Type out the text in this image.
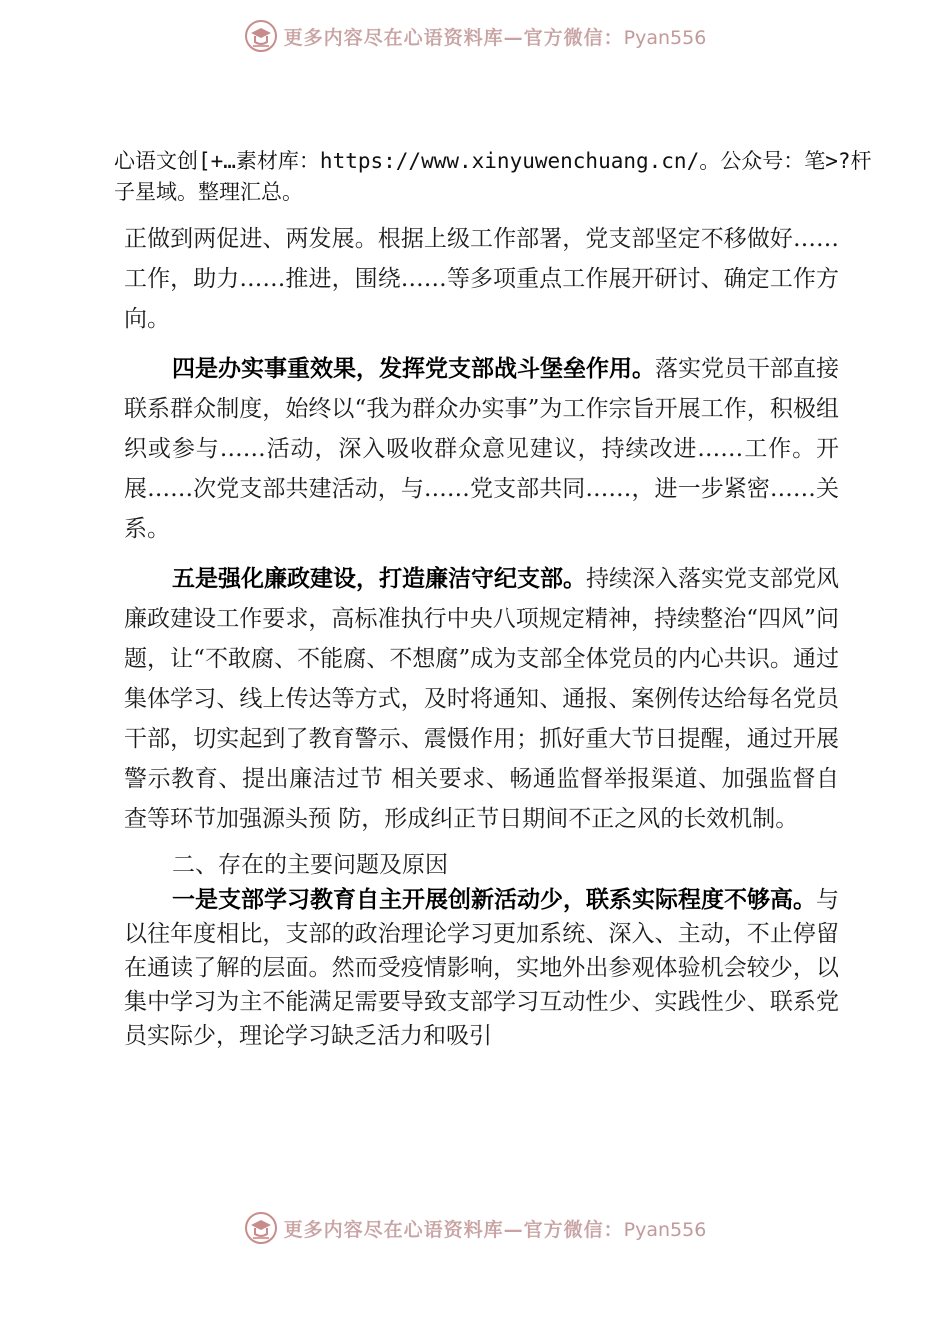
更多内容尽在心语资料库—官方微信：Pyan556
心语文创[+…素材库：https://www.xinyuwenchuang.cn/。公众号：笔>?杆子星域。整理汇总。

正做到两促进、两发展。根据上级工作部署，党支部坚定不移做好……工作，助力……推进，围绕……等多项重点工作展开研讨、确定工作方向。

四是办实事重效果，发挥党支部战斗堡垒作用。落实党员干部直接联系群众制度，始终以“我为群众办实事”为工作宗旨开展工作，积极组织或参与……活动，深入吸收群众意见建议，持续改进……工作。开展……次党支部共建活动，与……党支部共同……，进一步紧密……关系。

五是强化廉政建设，打造廉洁守纪支部。持续深入落实党支部党风廉政建设工作要求，高标准执行中央八项规定精神，持续整治“四风”问题，让“不敢腐、不能腐、不想腐”成为支部全体党员的内心共识。通过集体学习、线上传达等方式，及时将通知、通报、案例传达给每名党员干部，切实起到了教育警示、震慑作用；抓好重大节日提醒，通过开展警示教育、提出廉洁过节 相关要求、畅通监督举报渠道、加强监督自查等环节加强源头预 防，形成纠正节日期间不正之风的长效机制。

二、存在的主要问题及原因

一是支部学习教育自主开展创新活动少，联系实际程度不够高。与以往年度相比，支部的政治理论学习更加系统、深入、主动，不止停留在通读了解的层面。然而受疫情影响，实地外出参观体验机会较少，以集中学习为主不能满足需要导致支部学习互动性少、实践性少、联系党员实际少，理论学习缺乏活力和吸引

更多内容尽在心语资料库—官方微信：Pyan556
